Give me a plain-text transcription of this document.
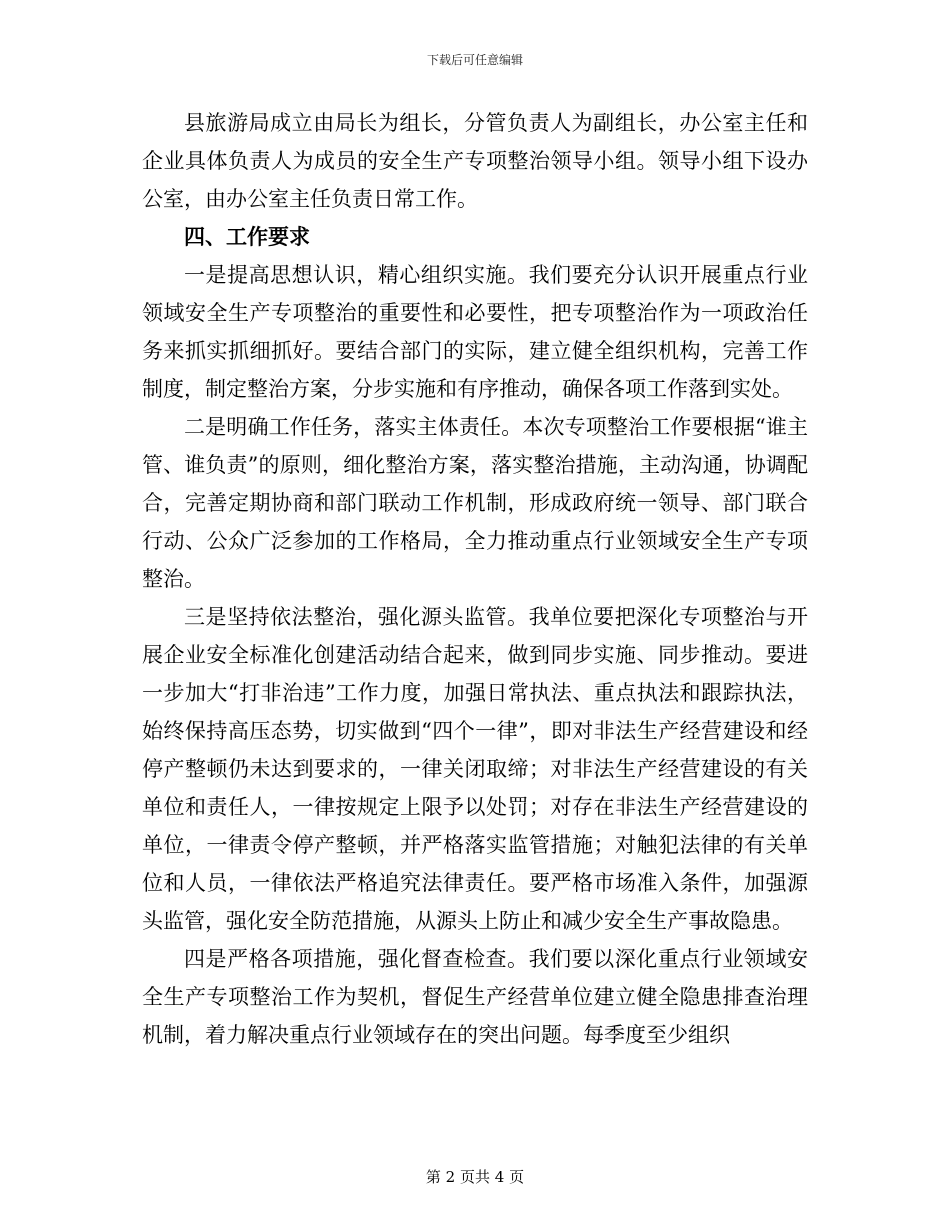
下载后可任意编辑

县旅游局成立由局长为组长，分管负责人为副组长，办公室主任和企业具体负责人为成员的安全生产专项整治领导小组。领导小组下设办公室，由办公室主任负责日常工作。

四、工作要求

一是提高思想认识，精心组织实施。我们要充分认识开展重点行业领域安全生产专项整治的重要性和必要性，把专项整治作为一项政治任务来抓实抓细抓好。要结合部门的实际，建立健全组织机构，完善工作制度，制定整治方案，分步实施和有序推动，确保各项工作落到实处。

二是明确工作任务，落实主体责任。本次专项整治工作要根据“谁主管、谁负责”的原则，细化整治方案，落实整治措施，主动沟通，协调配合，完善定期协商和部门联动工作机制，形成政府统一领导、部门联合行动、公众广泛参加的工作格局，全力推动重点行业领域安全生产专项整治。

三是坚持依法整治，强化源头监管。我单位要把深化专项整治与开展企业安全标准化创建活动结合起来，做到同步实施、同步推动。要进一步加大“打非治违”工作力度，加强日常执法、重点执法和跟踪执法，始终保持高压态势，切实做到“四个一律”，即对非法生产经营建设和经停产整顿仍未达到要求的，一律关闭取缔；对非法生产经营建设的有关单位和责任人，一律按规定上限予以处罚；对存在非法生产经营建设的单位，一律责令停产整顿，并严格落实监管措施；对触犯法律的有关单位和人员，一律依法严格追究法律责任。要严格市场准入条件，加强源头监管，强化安全防范措施，从源头上防止和减少安全生产事故隐患。

四是严格各项措施，强化督查检查。我们要以深化重点行业领域安全生产专项整治工作为契机，督促生产经营单位建立健全隐患排查治理机制，着力解决重点行业领域存在的突出问题。每季度至少组织

第 2 页共 4 页
